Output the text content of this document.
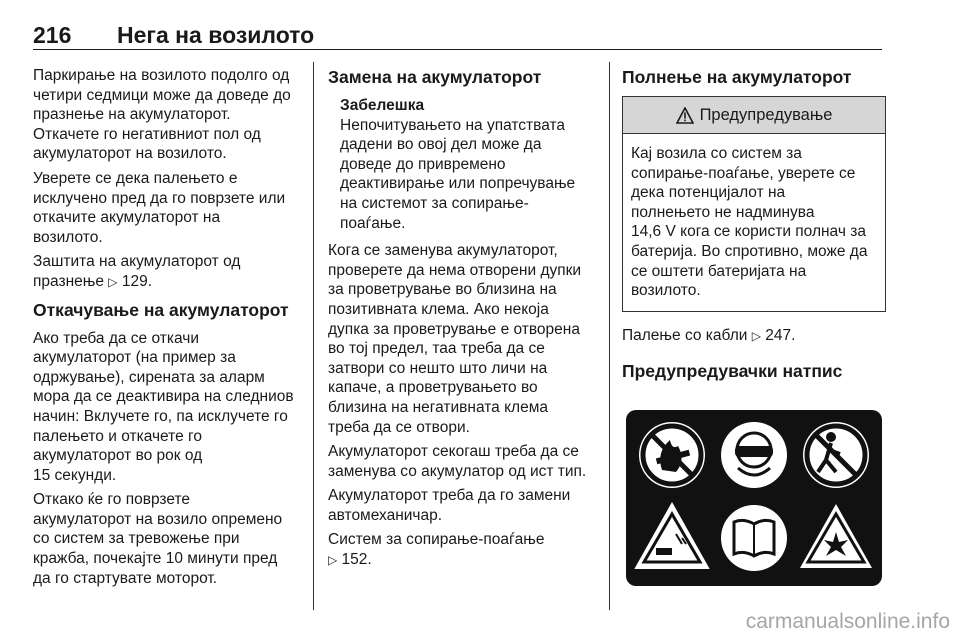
216 Нега на возилото
Паркирање на возилото подолго од
четири седмици може да доведе до
празнење на акумулаторот.
Откачете го негативниот пол од
акумулаторот на возилото.
Уверете се дека палењето е
исклучено пред да го поврзете или
откачите акумулаторот на
возилото.
Заштита на акумулаторот од
празнење ▷ 129.
Откачување на акумулаторот
Ако треба да се откачи
акумулаторот (на пример за
одржување), сирената за аларм
мора да се деактивира на следниов
начин: Вклучете го, па исклучете го
палењето и откачете го
акумулаторот во рок од
15 секунди.
Откако ќе го поврзете
акумулаторот на возило опремено
со систем за тревожење при
кражба, почекајте 10 минути пред
да го стартувате моторот.
Замена на акумулаторот
Забелешка
Непочитувањето на упатствата
дадени во овој дел може да
доведе до привремено
деактивирање или попречување
на системот за сопирање-
поаѓање.
Кога се заменува акумулаторот,
проверете да нема отворени дупки
за проветрување во близина на
позитивната клема. Ако некоја
дупка за проветрување е отворена
во тој предел, таа треба да се
затвори со нешто што личи на
капаче, а проветрувањето во
близина на негативната клема
треба да се отвори.
Акумулаторот секогаш треба да се
заменува со акумулатор од ист тип.
Акумулаторот треба да го замени
автомеханичар.
Систем за сопирање-поаѓање
▷ 152.
Полнење на акумулаторот
Предупредување
Кај возила со систем за
сопирање-поаѓање, уверете се
дека потенцијалот на
полнењето не надминува
14,6 V кога се користи полнач за
батерија. Во спротивно, може да
се оштети батеријата на
возилото.
Палење со кабли ▷ 247.
Предупредувачки натпис
carmanualsonline.info
